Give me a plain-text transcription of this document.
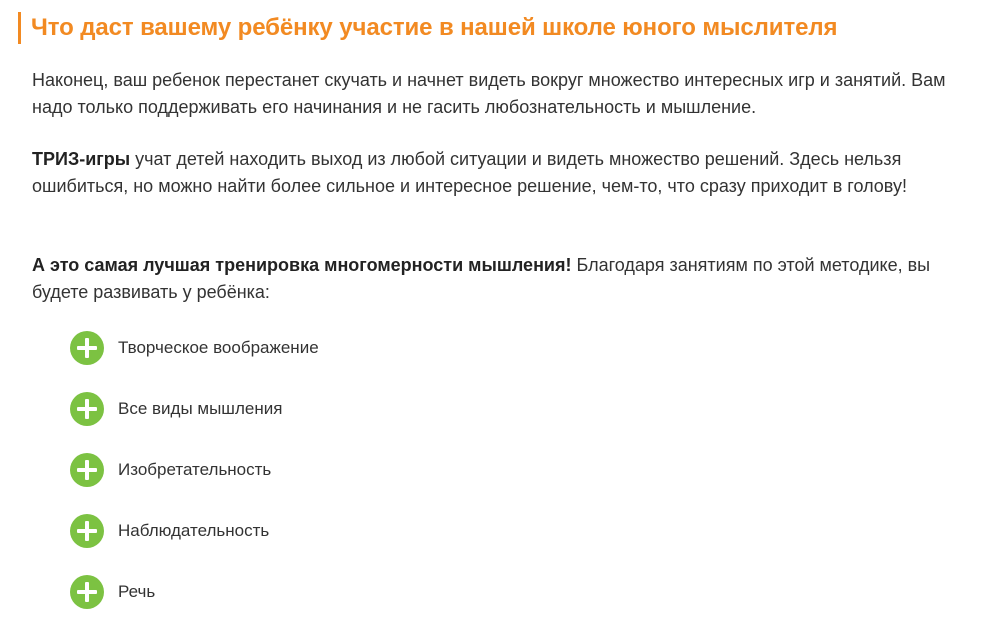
Что даст вашему ребёнку участие в нашей школе юного мыслителя

Наконец, ваш ребенок перестанет скучать и начнет видеть вокруг множество интересных игр и занятий. Вам надо только поддерживать его начинания и не гасить любознательность и мышление.

ТРИЗ-игры учат детей находить выход из любой ситуации и видеть множество решений. Здесь нельзя ошибиться, но можно найти более сильное и интересное решение, чем-то, что сразу приходит в голову!

А это самая лучшая тренировка многомерности мышления! Благодаря занятиям по этой методике, вы будете развивать у ребёнка:

Творческое воображение
Все виды мышления
Изобретательность
Наблюдательность
Речь
